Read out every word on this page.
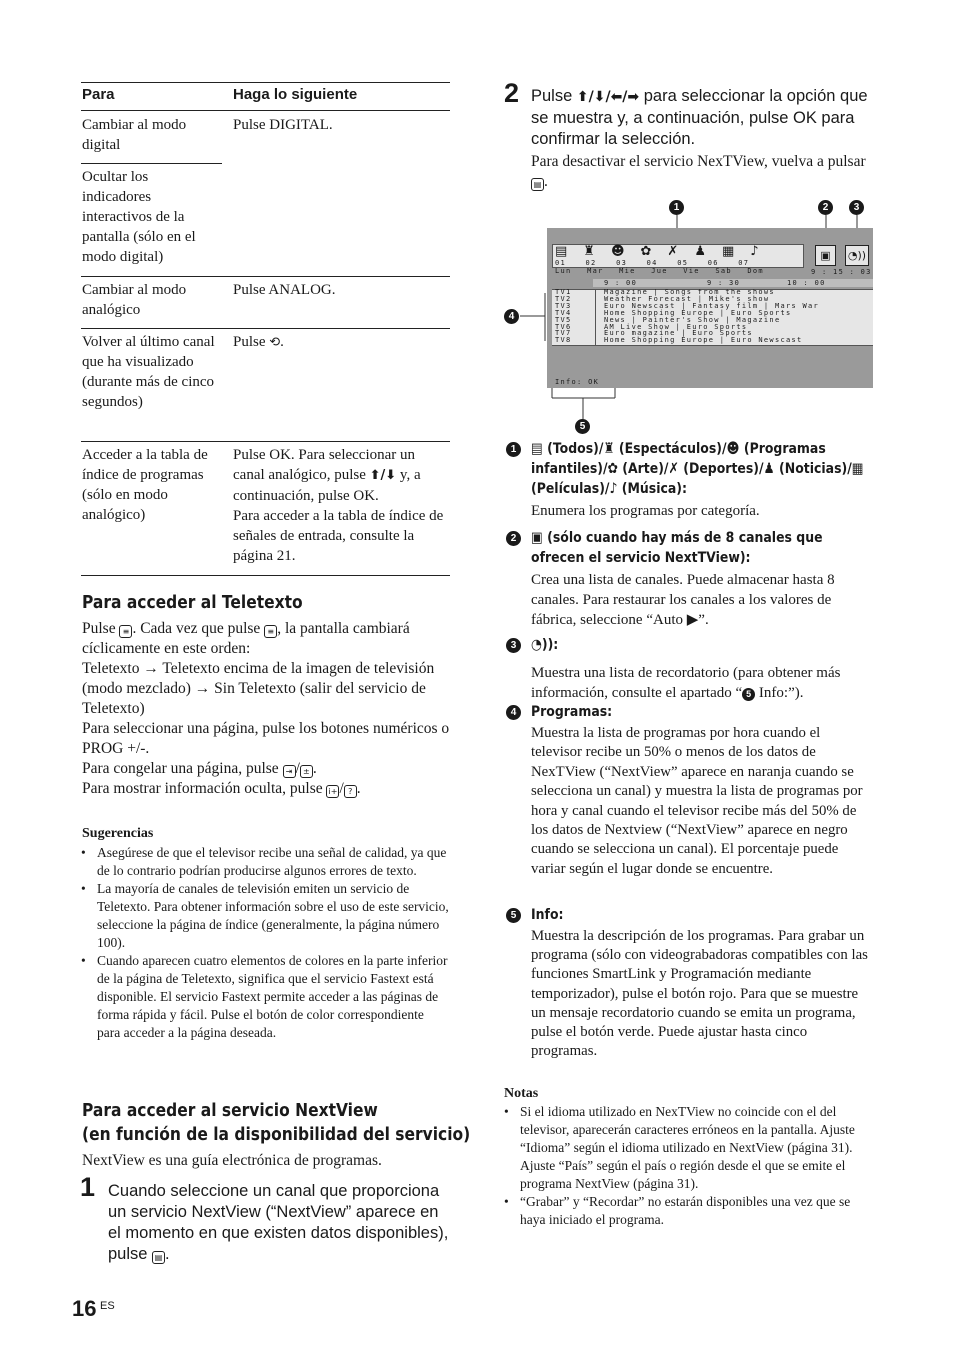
Para	Haga lo siguiente
Cambiar al modo digital
Pulse DIGITAL.
Ocultar los indicadores interactivos de la pantalla (sólo en el modo digital)
Cambiar al modo analógico
Pulse ANALOG.
Volver al último canal que ha visualizado (durante más de cinco segundos)
Pulse ⟲.
Acceder a la tabla de índice de programas (sólo en modo analógico)
Pulse OK. Para seleccionar un canal analógico, pulse ⬆/⬇ y, a continuación, pulse OK.
Para acceder a la tabla de índice de señales de entrada, consulte la página 21.
Para acceder al Teletexto
Pulse ≡ . Cada vez que pulse ≡ , la pantalla cambiará cíclicamente en este orden:
Teletexto → Teletexto encima de la imagen de televisión (modo mezclado) → Sin Teletexto (salir del servicio de Teletexto)
Para seleccionar una página, pulse los botones numéricos o PROG +/-.
Para congelar una página, pulse ⇥ / ± .
Para mostrar información oculta, pulse i+ / ? .
Sugerencias
• Asegúrese de que el televisor recibe una señal de calidad, ya que de lo contrario podrían producirse algunos errores de texto.
• La mayoría de canales de televisión emiten un servicio de Teletexto. Para obtener información sobre el uso de este servicio, seleccione la página de índice (generalmente, la página número 100).
• Cuando aparecen cuatro elementos de colores en la parte inferior de la página de Teletexto, significa que el servicio Fastext está disponible. El servicio Fastext permite acceder a las páginas de forma rápida y fácil. Pulse el botón de color correspondiente para acceder a la página deseada.
Para acceder al servicio NextView
(en función de la disponibilidad del servicio)
NextView es una guía electrónica de programas.
1 Cuando seleccione un canal que proporciona un servicio NextView (“NextView” aparece en el momento en que existen datos disponibles), pulse ▤ .
16 ES
2 Pulse ⬆/⬇/⬅/➡ para seleccionar la opción que se muestra y, a continuación, pulse OK para confirmar la selección.
Para desactivar el servicio NexTView, vuelva a pulsar ▤ .
1	2	3
4
5
▤♜☻✿✗♟▦♪	▣	◔))
01	02	03	04	05	06	07
Lun Mar Mie Jue Vie Sab Dom	9 : 15 : 03
9 : 00	9 : 30	10 : 00
TV1
TV2
TV3
TV4
TV5
TV6
TV7
TV8
Magazine | Songs from the shows
Weather Forecast | Mike's show
Euro Newscast | Fantasy film | Mars War
Home Shopping Europe | Euro Sports
News | Painter's Show | Magazine
AM Live Show | Euro Sports
Euro magazine | Euro Sports
Home Shopping Europe | Euro Newscast
Info: OK
1	▤ (Todos)/♜ (Espectáculos)/☻ (Programas infantiles)/✿ (Arte)/✗ (Deportes)/♟ (Noticias)/▦ (Películas)/♪ (Música):
Enumera los programas por categoría.
2	▣ (sólo cuando hay más de 8 canales que ofrecen el servicio NextTView):
Crea una lista de canales. Puede almacenar hasta 8 canales. Para restaurar los canales a los valores de fábrica, seleccione “Auto ▶”.
3	◔)):
Muestra una lista de recordatorio (para obtener más información, consulte el apartado “ 5 Info:”).
4	Programas:
Muestra la lista de programas por hora cuando el televisor recibe un 50% o menos de los datos de NexTView (“NextView” aparece en naranja cuando se selecciona un canal) y muestra la lista de programas por hora y canal cuando el televisor recibe más del 50% de los datos de Nextview (“NextView” aparece en negro cuando se selecciona un canal). El porcentaje puede variar según el lugar donde se encuentre.
5	Info:
Muestra la descripción de los programas. Para grabar un programa (sólo con videograbadoras compatibles con las funciones SmartLink y Programación mediante temporizador), pulse el botón rojo. Para que se muestre un mensaje recordatorio cuando se emita un programa, pulse el botón verde. Puede ajustar hasta cinco programas.
Notas
• Si el idioma utilizado en NexTView no coincide con el del televisor, aparecerán caracteres erróneos en la pantalla. Ajuste “Idioma” según el idioma utilizado en NextView (página 31). Ajuste “País” según el país o región desde el que se emite el programa NextView (página 31).
• “Grabar” y “Recordar” no estarán disponibles una vez que se haya iniciado el programa.
